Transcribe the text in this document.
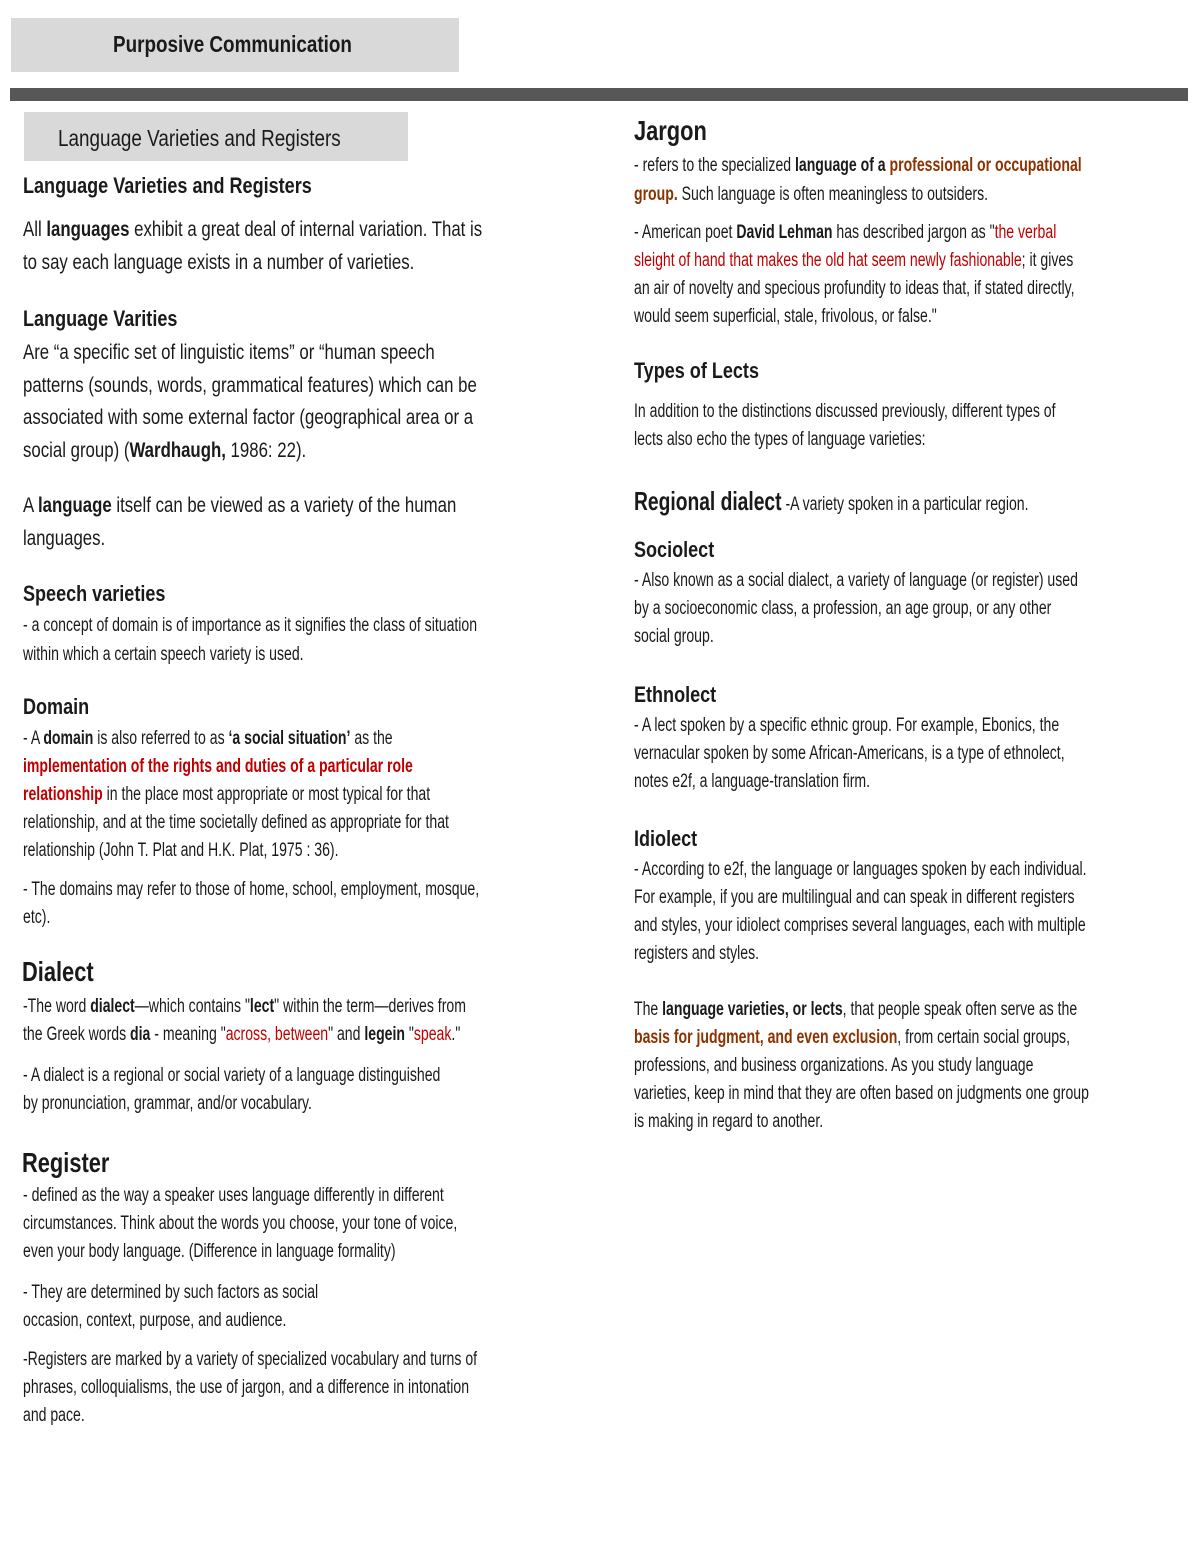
Purposive Communication
Language Varieties and Registers
Language Varieties and Registers
Language Varities
Speech varieties
Domain
Dialect
Register
Jargon
Types of Lects
Sociolect
Ethnolect
Idiolect
All languages exhibit a great deal of internal variation. That is
to say each language exists in a number of varieties.
Are “a specific set of linguistic items” or “human speech
patterns (sounds, words, grammatical features) which can be
associated with some external factor (geographical area or a
social group) (Wardhaugh, 1986: 22).
A language itself can be viewed as a variety of the human
languages.
- a concept of domain is of importance as it signifies the class of situation
within which a certain speech variety is used.
- A domain is also referred to as ‘a social situation’ as the
implementation of the rights and duties of a particular role
relationship in the place most appropriate or most typical for that
relationship, and at the time societally defined as appropriate for that
relationship (John T. Plat and H.K. Plat, 1975 : 36).
- The domains may refer to those of home, school, employment, mosque,
etc).
-The word dialect—which contains "lect" within the term—derives from
the Greek words dia - meaning "across, between" and legein "speak."
- A dialect is a regional or social variety of a language distinguished
by pronunciation, grammar, and/or vocabulary.
- defined as the way a speaker uses language differently in different
circumstances. Think about the words you choose, your tone of voice,
even your body language. (Difference in language formality)
- They are determined by such factors as social
occasion, context, purpose, and audience.
-Registers are marked by a variety of specialized vocabulary and turns of
phrases, colloquialisms, the use of jargon, and a difference in intonation
and pace.
- refers to the specialized language of a professional or occupational
group. Such language is often meaningless to outsiders.
- American poet David Lehman has described jargon as "the verbal
sleight of hand that makes the old hat seem newly fashionable; it gives
an air of novelty and specious profundity to ideas that, if stated directly,
would seem superficial, stale, frivolous, or false."
In addition to the distinctions discussed previously, different types of
lects also echo the types of language varieties:
Regional dialect -A variety spoken in a particular region.
- Also known as a social dialect, a variety of language (or register) used
by a socioeconomic class, a profession, an age group, or any other
social group.
- A lect spoken by a specific ethnic group. For example, Ebonics, the
vernacular spoken by some African-Americans, is a type of ethnolect,
notes e2f, a language-translation firm.
- According to e2f, the language or languages spoken by each individual.
For example, if you are multilingual and can speak in different registers
and styles, your idiolect comprises several languages, each with multiple
registers and styles.
The language varieties, or lects, that people speak often serve as the
basis for judgment, and even exclusion, from certain social groups,
professions, and business organizations. As you study language
varieties, keep in mind that they are often based on judgments one group
is making in regard to another.
